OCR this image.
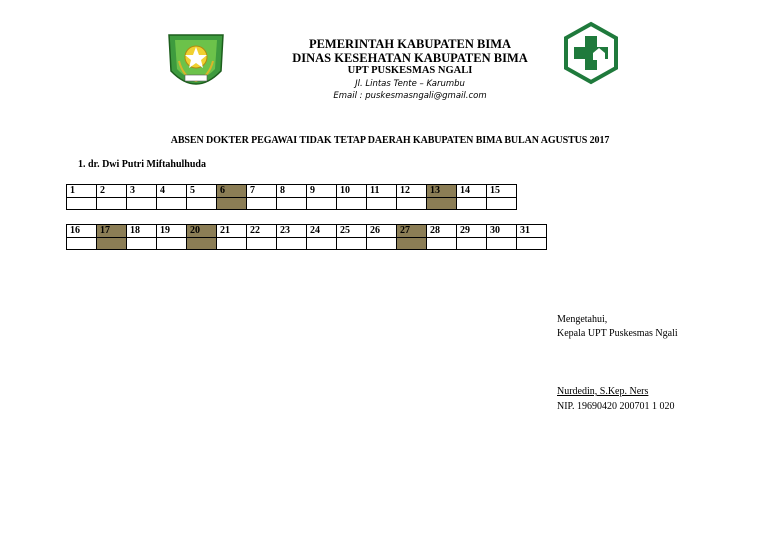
PEMERINTAH KABUPATEN BIMA
DINAS KESEHATAN KABUPATEN BIMA
UPT PUSKESMAS NGALI
Jl. Lintas Tente – Karumbu
Email : puskesmasngali@gmail.com
ABSEN DOKTER PEGAWAI TIDAK TETAP DAERAH KABUPATEN BIMA BULAN AGUSTUS 2017
1. dr. Dwi Putri Miftahulhuda
1	2	3	4	5	6	7	8	9	10	11	12	13	14	15

16	17	18	19	20	21	22	23	24	25	26	27	28	29	30	31

Mengetahui,
Kepala UPT Puskesmas Ngali
Nurdedin, S.Kep. Ners
NIP. 19690420 200701 1 020
